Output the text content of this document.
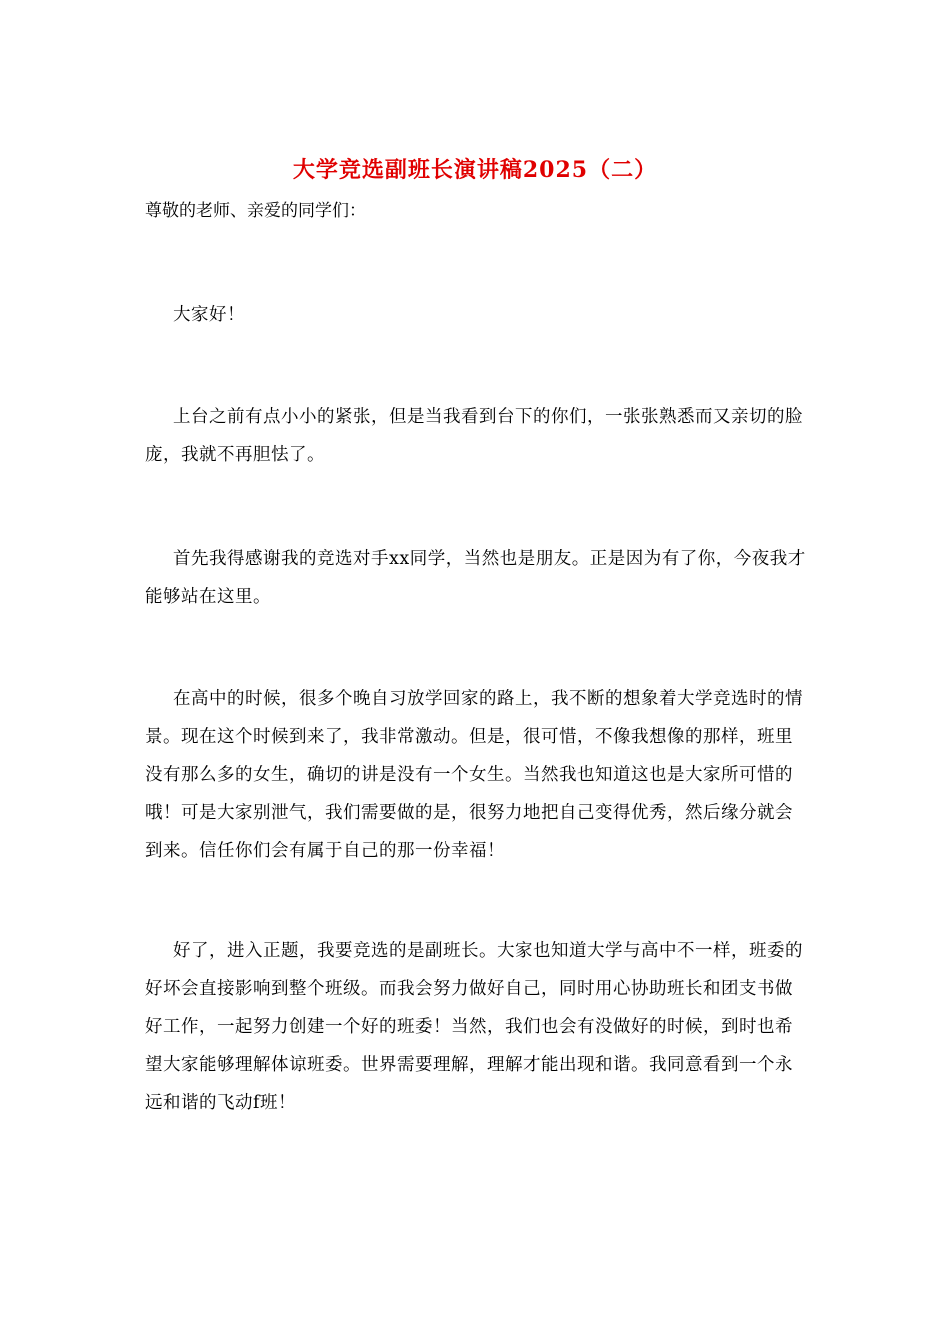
大学竞选副班长演讲稿2025（二）
尊敬的老师、亲爱的同学们：

大家好！

上台之前有点小小的紧张，但是当我看到台下的你们，一张张熟悉而又亲切的脸庞，我就不再胆怯了。

首先我得感谢我的竞选对手xx同学，当然也是朋友。正是因为有了你，今夜我才能够站在这里。

在高中的时候，很多个晚自习放学回家的路上，我不断的想象着大学竞选时的情景。现在这个时候到来了，我非常激动。但是，很可惜，不像我想像的那样，班里没有那么多的女生，确切的讲是没有一个女生。当然我也知道这也是大家所可惜的哦！可是大家别泄气，我们需要做的是，很努力地把自己变得优秀，然后缘分就会到来。信任你们会有属于自己的那一份幸福！

好了，进入正题，我要竞选的是副班长。大家也知道大学与高中不一样，班委的好坏会直接影响到整个班级。而我会努力做好自己，同时用心协助班长和团支书做好工作，一起努力创建一个好的班委！当然，我们也会有没做好的时候，到时也希望大家能够理解体谅班委。世界需要理解，理解才能出现和谐。我同意看到一个永远和谐的飞动f班！
